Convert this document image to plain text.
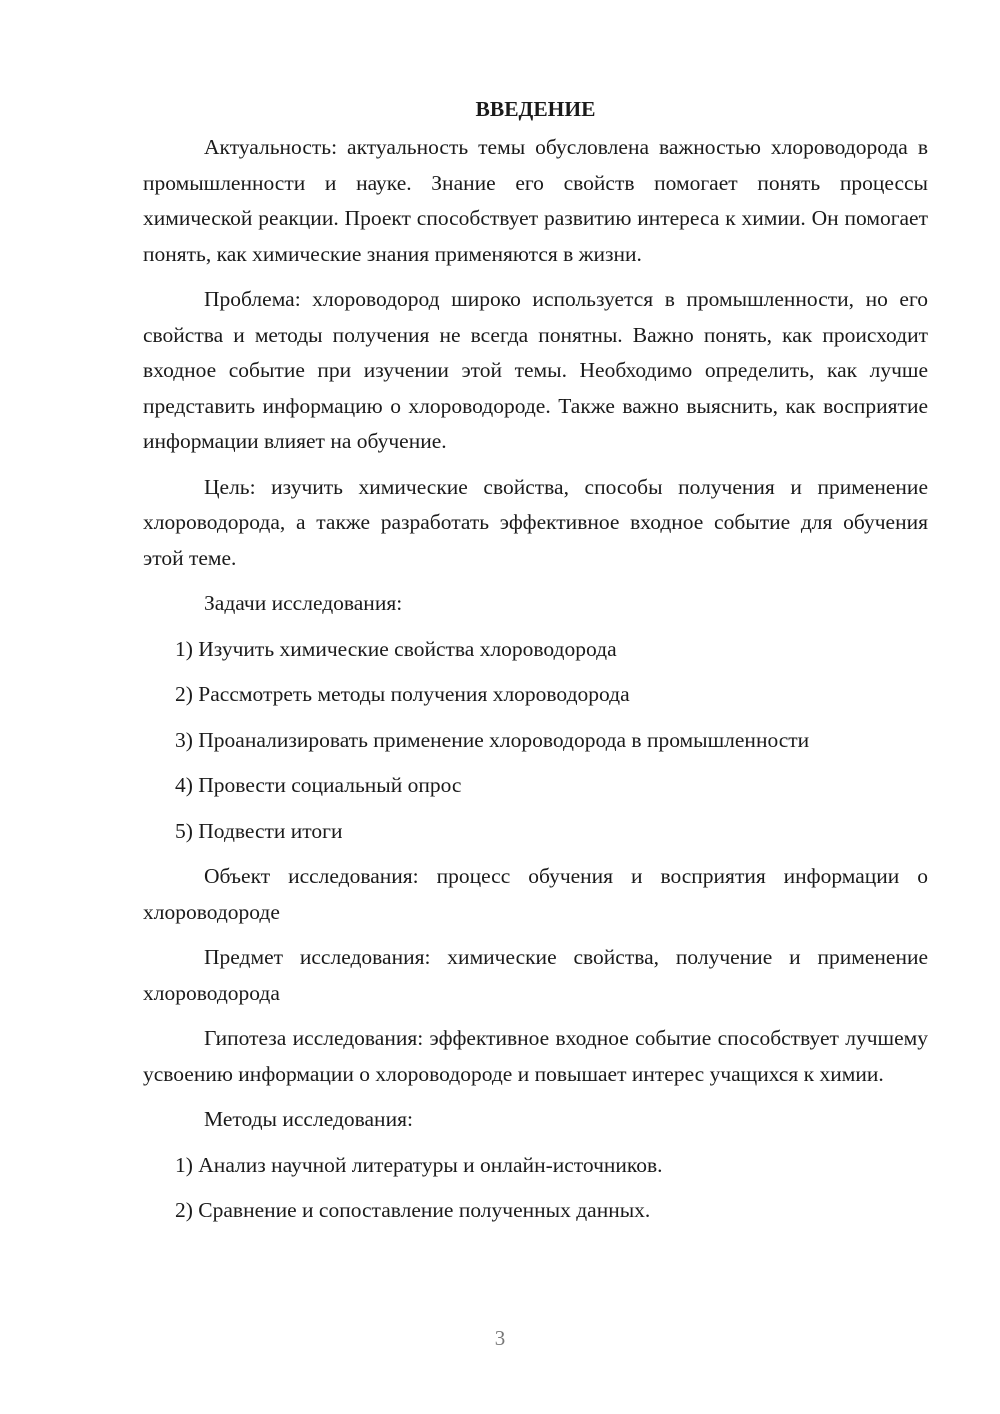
ВВЕДЕНИЕ

Актуальность: актуальность темы обусловлена важностью хлороводорода в промышленности и науке. Знание его свойств помогает понять процессы химической реакции. Проект способствует развитию интереса к химии. Он помогает понять, как химические знания применяются в жизни.

Проблема: хлороводород широко используется в промышленности, но его свойства и методы получения не всегда понятны. Важно понять, как происходит входное событие при изучении этой темы. Необходимо определить, как лучше представить информацию о хлороводороде. Также важно выяснить, как восприятие информации влияет на обучение.

Цель: изучить химические свойства, способы получения и применение хлороводорода, а также разработать эффективное входное событие для обучения этой теме.

Задачи исследования:

1) Изучить химические свойства хлороводорода

2) Рассмотреть методы получения хлороводорода

3) Проанализировать применение хлороводорода в промышленности

4) Провести социальный опрос

5) Подвести итоги

Объект исследования: процесс обучения и восприятия информации о хлороводороде

Предмет исследования: химические свойства, получение и применение хлороводорода

Гипотеза исследования: эффективное входное событие способствует лучшему усвоению информации о хлороводороде и повышает интерес учащихся к химии.

Методы исследования:

1) Анализ научной литературы и онлайн-источников.

2) Сравнение и сопоставление полученных данных.

3
